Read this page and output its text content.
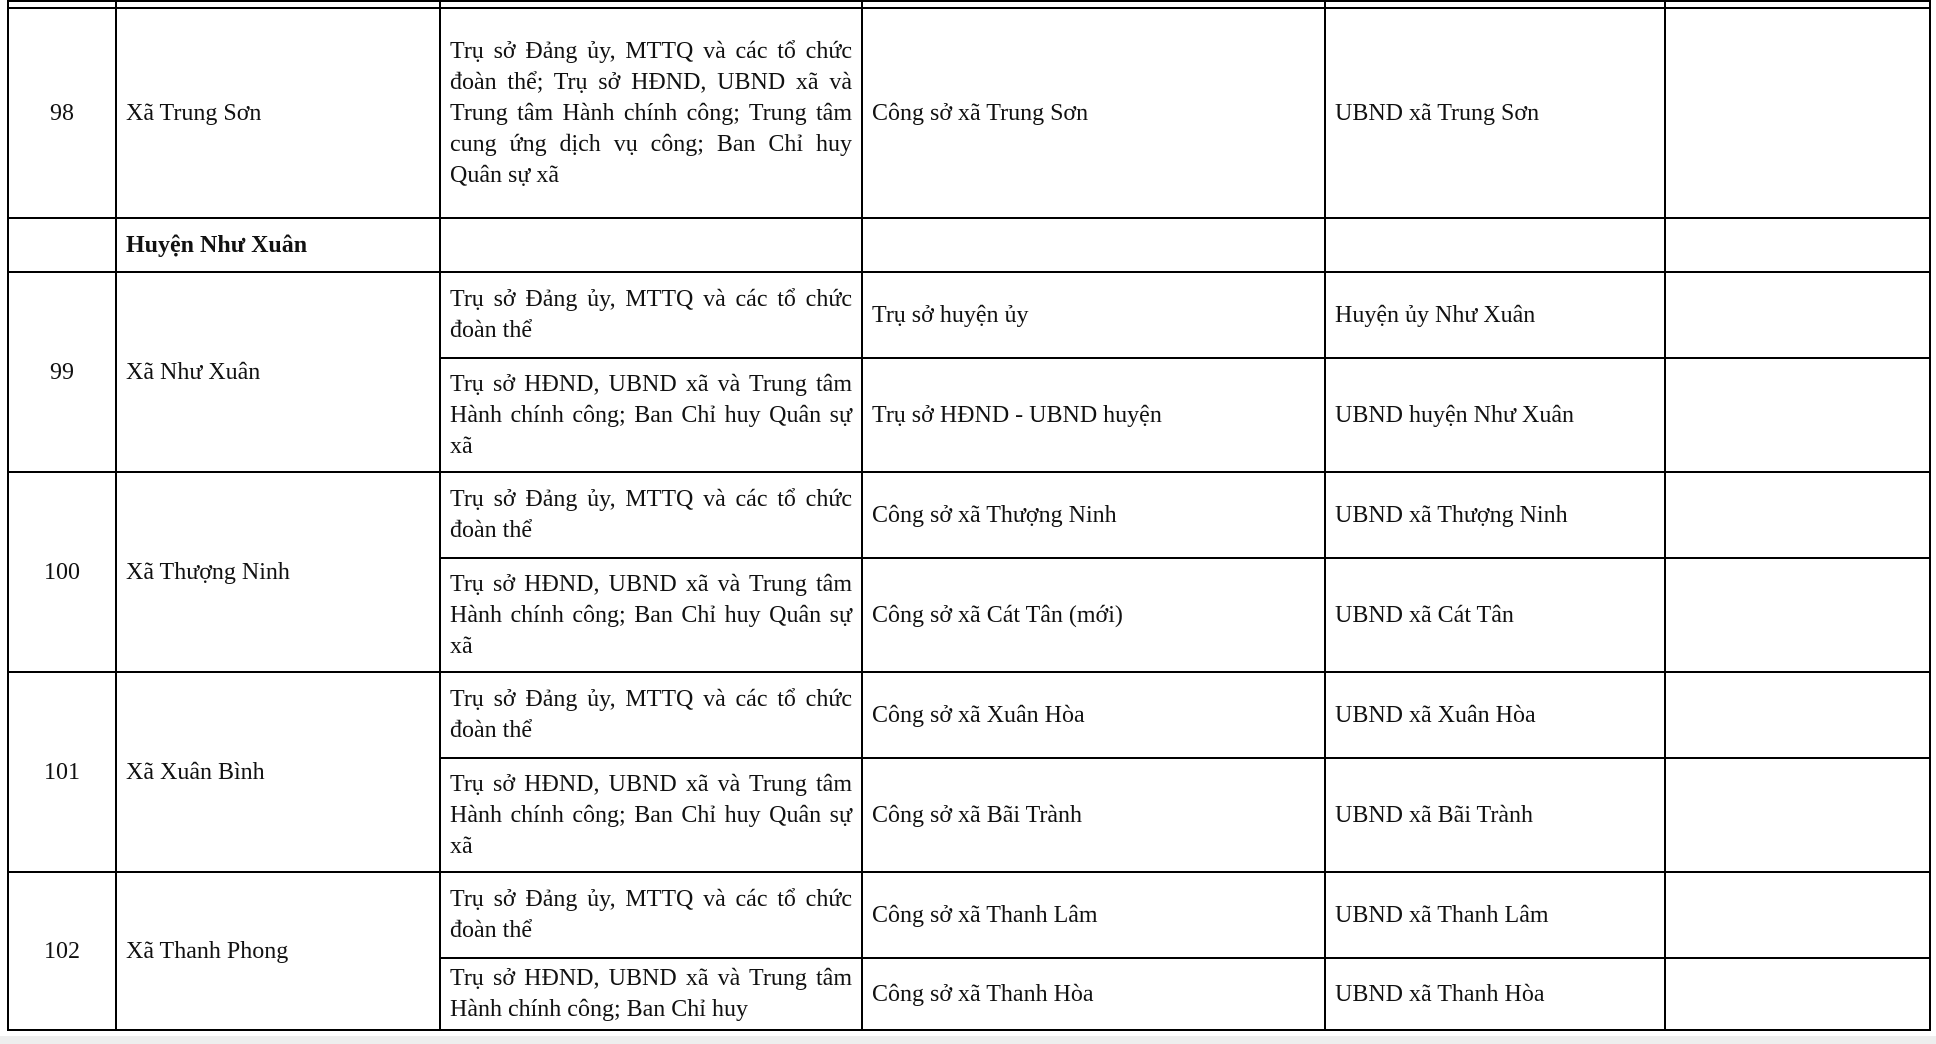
98	Xã Trung Sơn	Trụ sở Đảng ủy, MTTQ và các tổ chức đoàn thể; Trụ sở HĐND, UBND xã và Trung tâm Hành chính công; Trung tâm cung ứng dịch vụ công; Ban Chỉ huy Quân sự xã	Công sở xã Trung Sơn	UBND xã Trung Sơn	
	Huyện Như Xuân				
99	Xã Như Xuân	Trụ sở Đảng ủy, MTTQ và các tổ chức đoàn thể	Trụ sở huyện ủy	Huyện ủy Như Xuân	
		Trụ sở HĐND, UBND xã và Trung tâm Hành chính công; Ban Chỉ huy Quân sự xã	Trụ sở HĐND - UBND huyện	UBND huyện Như Xuân	
100	Xã Thượng Ninh	Trụ sở Đảng ủy, MTTQ và các tổ chức đoàn thể	Công sở xã Thượng Ninh	UBND xã Thượng Ninh	
		Trụ sở HĐND, UBND xã và Trung tâm Hành chính công; Ban Chỉ huy Quân sự xã	Công sở xã Cát Tân (mới)	UBND xã Cát Tân	
101	Xã Xuân Bình	Trụ sở Đảng ủy, MTTQ và các tổ chức đoàn thể	Công sở xã Xuân Hòa	UBND xã Xuân Hòa	
		Trụ sở HĐND, UBND xã và Trung tâm Hành chính công; Ban Chỉ huy Quân sự xã	Công sở xã Bãi Trành	UBND xã Bãi Trành	
102	Xã Thanh Phong	Trụ sở Đảng ủy, MTTQ và các tổ chức đoàn thể	Công sở xã Thanh Lâm	UBND xã Thanh Lâm	
		Trụ sở HĐND, UBND xã và Trung tâm Hành chính công; Ban Chỉ huy	Công sở xã Thanh Hòa	UBND xã Thanh Hòa	
